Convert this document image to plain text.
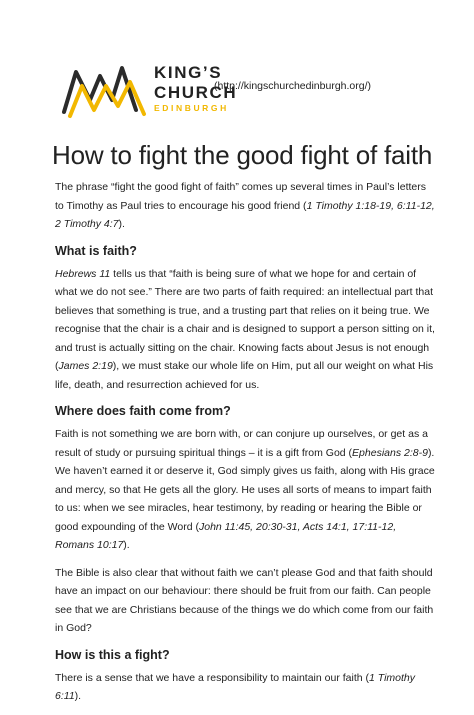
KING’S
CHURCH
EDINBURGH
(http://kingschurchedinburgh.org/)
How to fight the good fight of faith

The phrase “fight the good fight of faith” comes up several times in Paul’s letters to Timothy as Paul tries to encourage his good friend (1 Timothy 1:18-19, 6:11-12, 2 Timothy 4:7).

What is faith?

Hebrews 11 tells us that “faith is being sure of what we hope for and certain of what we do not see.” There are two parts of faith required: an intellectual part that believes that something is true, and a trusting part that relies on it being true. We recognise that the chair is a chair and is designed to support a person sitting on it, and trust is actually sitting on the chair. Knowing facts about Jesus is not enough (James 2:19), we must stake our whole life on Him, put all our weight on what His life, death, and resurrection achieved for us.

Where does faith come from?

Faith is not something we are born with, or can conjure up ourselves, or get as a result of study or pursuing spiritual things – it is a gift from God (Ephesians 2:8-9). We haven’t earned it or deserve it, God simply gives us faith, along with His grace and mercy, so that He gets all the glory. He uses all sorts of means to impart faith to us: when we see miracles, hear testimony, by reading or hearing the Bible or good expounding of the Word (John 11:45, 20:30-31, Acts 14:1, 17:11-12, Romans 10:17).

The Bible is also clear that without faith we can’t please God and that faith should have an impact on our behaviour: there should be fruit from our faith. Can people see that we are Christians because of the things we do which come from our faith in God?

How is this a fight?

There is a sense that we have a responsibility to maintain our faith (1 Timothy 6:11).
